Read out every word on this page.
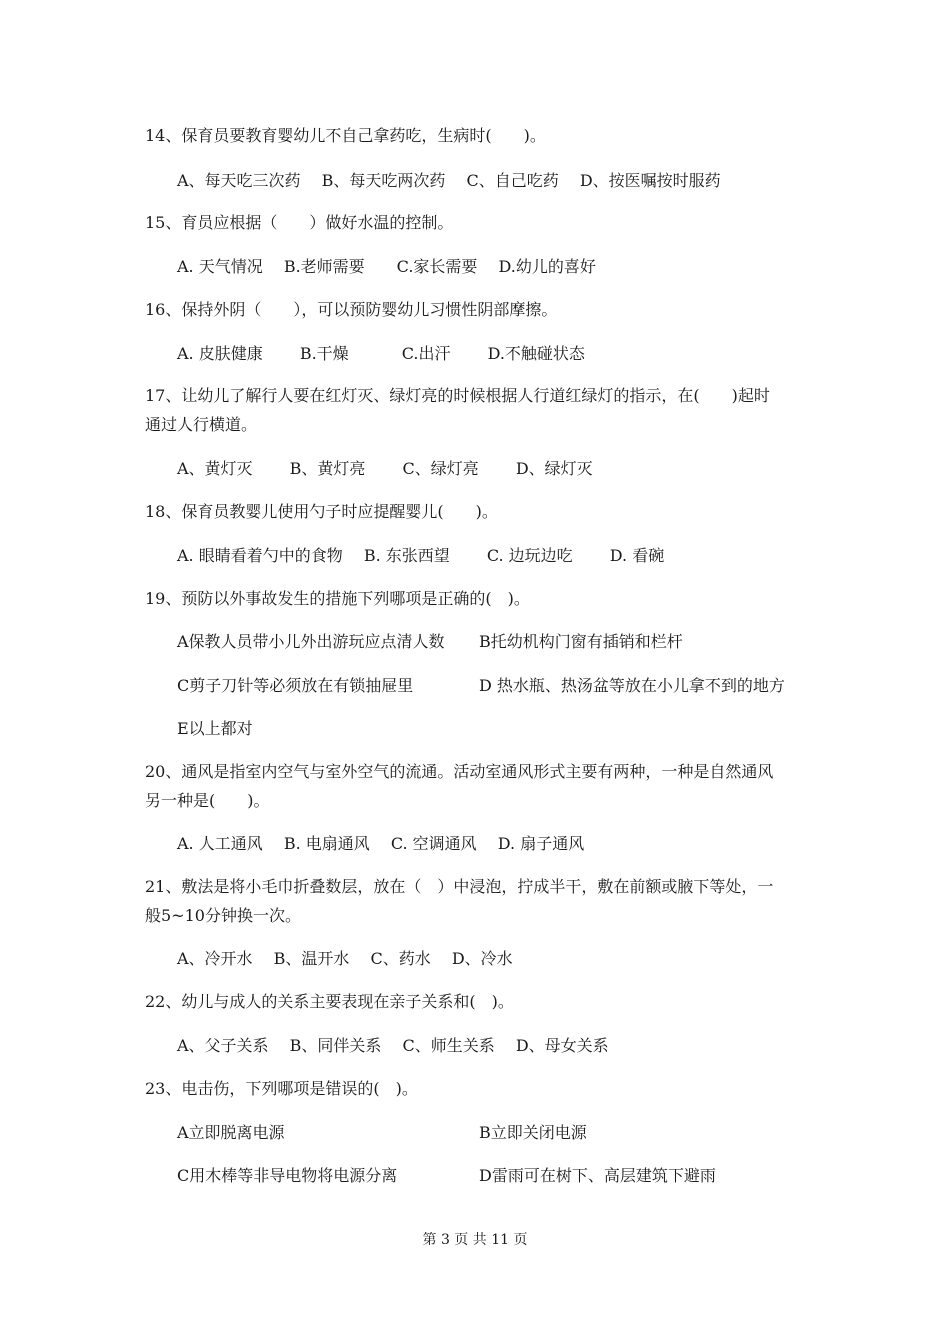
14、保育员要教育婴幼儿不自己拿药吃，生病时(　　)。
A、每天吃三次药　 B、每天吃两次药　 C、自己吃药　 D、按医嘱按时服药
15、育员应根据（　　）做好水温的控制。
A. 天气情况　 B.老师需要　　C.家长需要　 D.幼儿的喜好
16、保持外阴（　　），可以预防婴幼儿习惯性阴部摩擦。
A. 皮肤健康　　 B.干燥　　　 C.出汗　　 D.不触碰状态
17、让幼儿了解行人要在红灯灭、绿灯亮的时候根据人行道红绿灯的指示，在(　　)起时
通过人行横道。
A、黄灯灭　　 B、黄灯亮　　 C、绿灯亮　　 D、绿灯灭
18、保育员教婴儿使用勺子时应提醒婴儿(　　)。
A. 眼睛看着勺中的食物　 B. 东张西望　　 C. 边玩边吃　　 D. 看碗
19、预防以外事故发生的措施下列哪项是正确的(　)。
A保教人员带小儿外出游玩应点清人数 B托幼机构门窗有插销和栏杆
C剪子刀针等必须放在有锁抽屉里	D 热水瓶、热汤盆等放在小儿拿不到的地方
E以上都对
20、通风是指室内空气与室外空气的流通。活动室通风形式主要有两种，一种是自然通风
另一种是(　　)。
A. 人工通风　 B. 电扇通风　 C. 空调通风　 D. 扇子通风
21、敷法是将小毛巾折叠数层，放在（　）中浸泡，拧成半干，敷在前额或腋下等处，一
般5~10分钟换一次。
A、冷开水　 B、温开水　 C、药水　 D、冷水
22、幼儿与成人的关系主要表现在亲子关系和(　)。
A、父子关系　 B、同伴关系　 C、师生关系　 D、母女关系
23、电击伤，下列哪项是错误的(　)。
A立即脱离电源	B立即关闭电源
C用木棒等非导电物将电源分离	D雷雨可在树下、高层建筑下避雨
第 3 页 共 11 页
